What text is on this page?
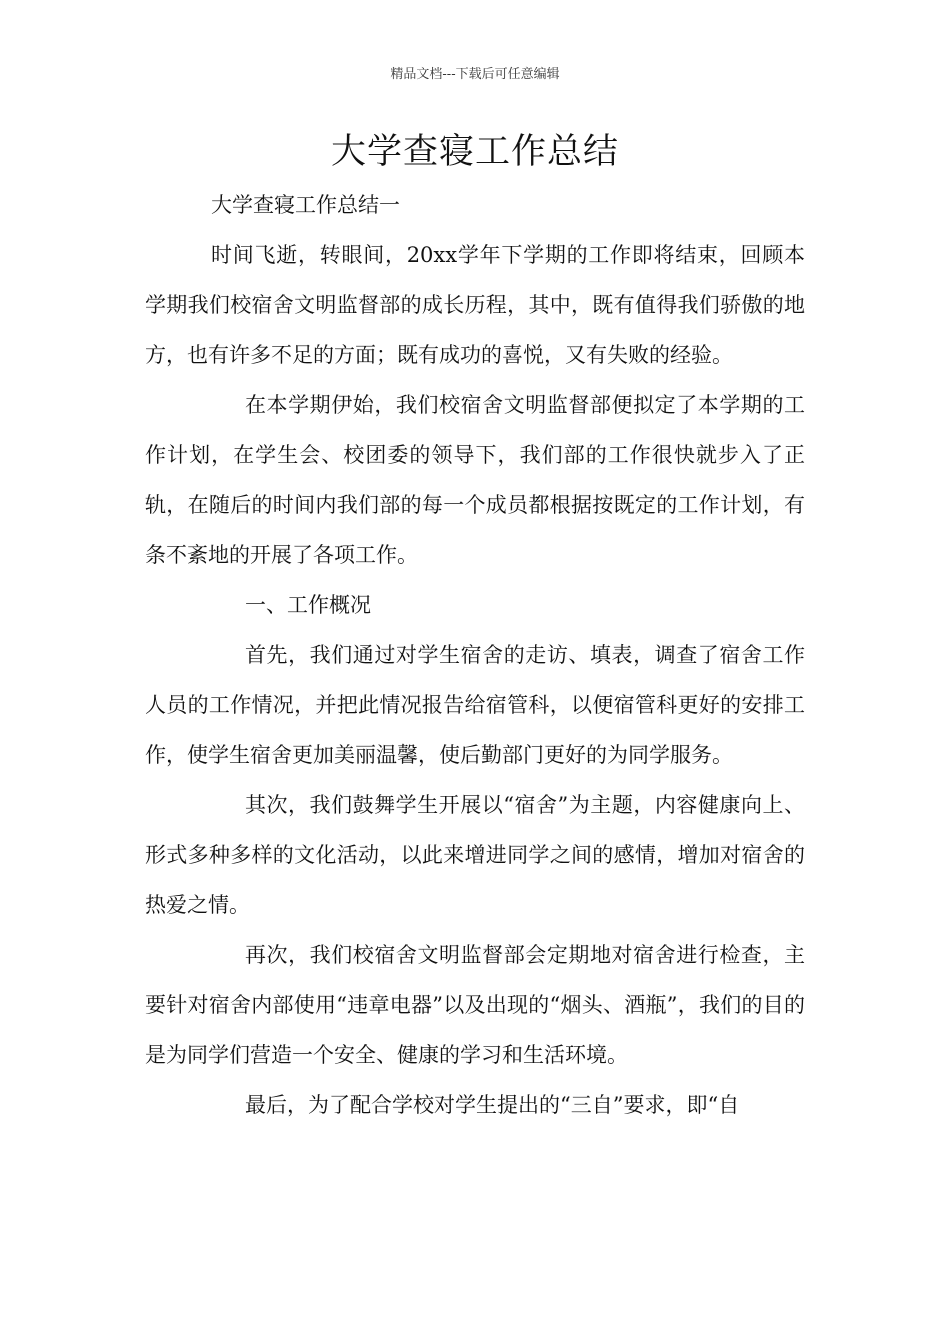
精品文档---下载后可任意编辑
大学查寝工作总结

大学查寝工作总结一

时间飞逝，转眼间，20xx学年下学期的工作即将结束，回顾本学期我们校宿舍文明监督部的成长历程，其中，既有值得我们骄傲的地方，也有许多不足的方面；既有成功的喜悦，又有失败的经验。

在本学期伊始，我们校宿舍文明监督部便拟定了本学期的工作计划，在学生会、校团委的领导下，我们部的工作很快就步入了正轨，在随后的时间内我们部的每一个成员都根据按既定的工作计划，有条不紊地的开展了各项工作。

一、工作概况

首先，我们通过对学生宿舍的走访、填表，调查了宿舍工作人员的工作情况，并把此情况报告给宿管科，以便宿管科更好的安排工作，使学生宿舍更加美丽温馨，使后勤部门更好的为同学服务。

其次，我们鼓舞学生开展以“宿舍”为主题，内容健康向上、形式多种多样的文化活动，以此来增进同学之间的感情，增加对宿舍的热爱之情。

再次，我们校宿舍文明监督部会定期地对宿舍进行检查，主要针对宿舍内部使用“违章电器”以及出现的“烟头、酒瓶”，我们的目的是为同学们营造一个安全、健康的学习和生活环境。

最后，为了配合学校对学生提出的“三自”要求，即“自
